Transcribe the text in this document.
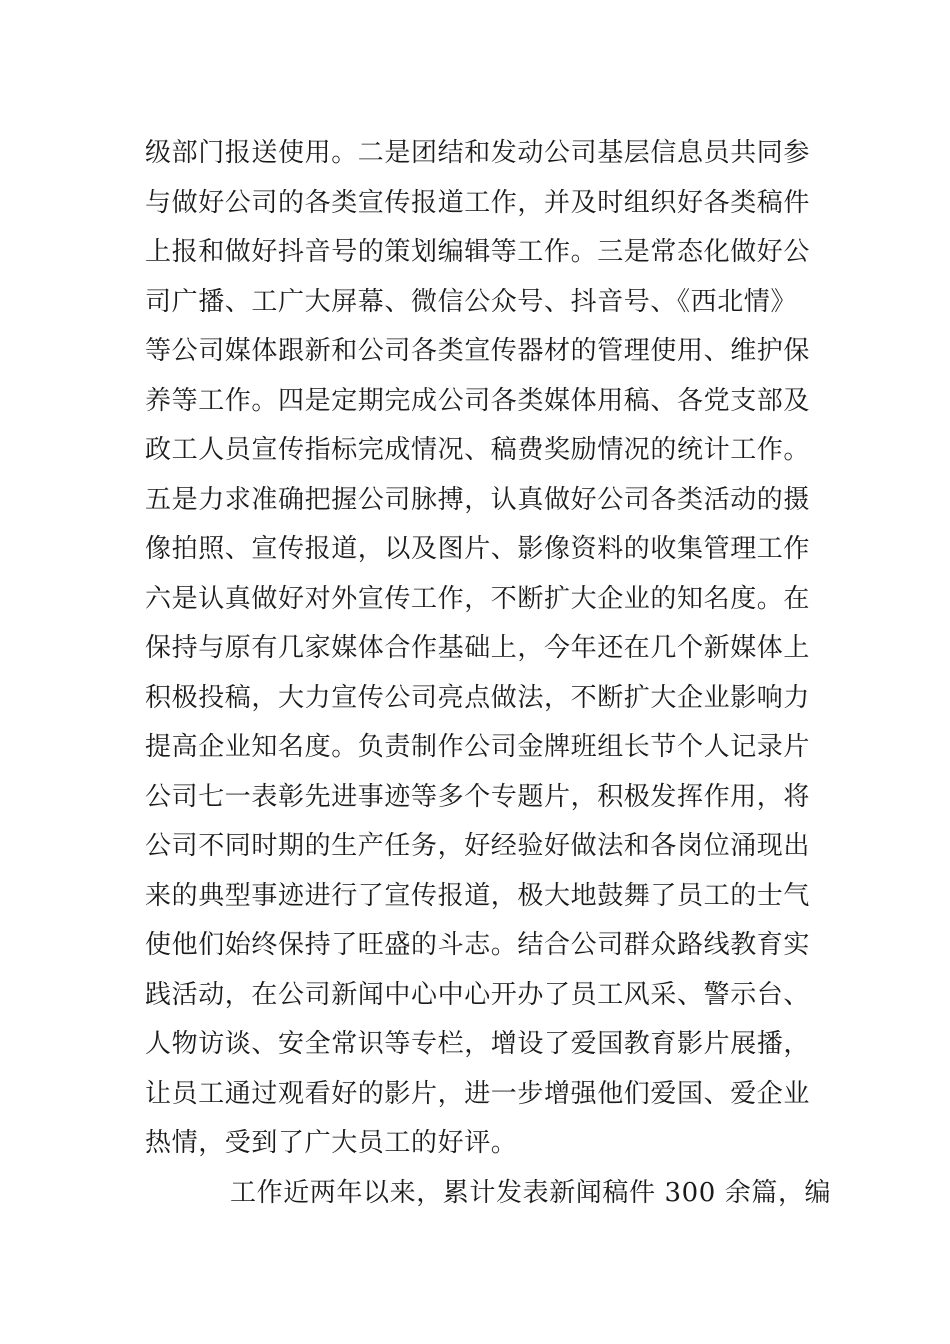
级部门报送使用。二是团结和发动公司基层信息员共同参
与做好公司的各类宣传报道工作，并及时组织好各类稿件
上报和做好抖音号的策划编辑等工作。三是常态化做好公
司广播、工广大屏幕、微信公众号、抖音号、《西北情》
等公司媒体跟新和公司各类宣传器材的管理使用、维护保
养等工作。四是定期完成公司各类媒体用稿、各党支部及
政工人员宣传指标完成情况、稿费奖励情况的统计工作。
五是力求准确把握公司脉搏，认真做好公司各类活动的摄
像拍照、宣传报道，以及图片、影像资料的收集管理工作
六是认真做好对外宣传工作，不断扩大企业的知名度。在
保持与原有几家媒体合作基础上，今年还在几个新媒体上
积极投稿，大力宣传公司亮点做法，不断扩大企业影响力
提高企业知名度。负责制作公司金牌班组长节个人记录片
公司七一表彰先进事迹等多个专题片，积极发挥作用，将
公司不同时期的生产任务，好经验好做法和各岗位涌现出
来的典型事迹进行了宣传报道，极大地鼓舞了员工的士气
使他们始终保持了旺盛的斗志。结合公司群众路线教育实
践活动，在公司新闻中心中心开办了员工风采、警示台、
人物访谈、安全常识等专栏，增设了爱国教育影片展播，
让员工通过观看好的影片，进一步增强他们爱国、爱企业
热情，受到了广大员工的好评。
工作近两年以来，累计发表新闻稿件 300 余篇，编
